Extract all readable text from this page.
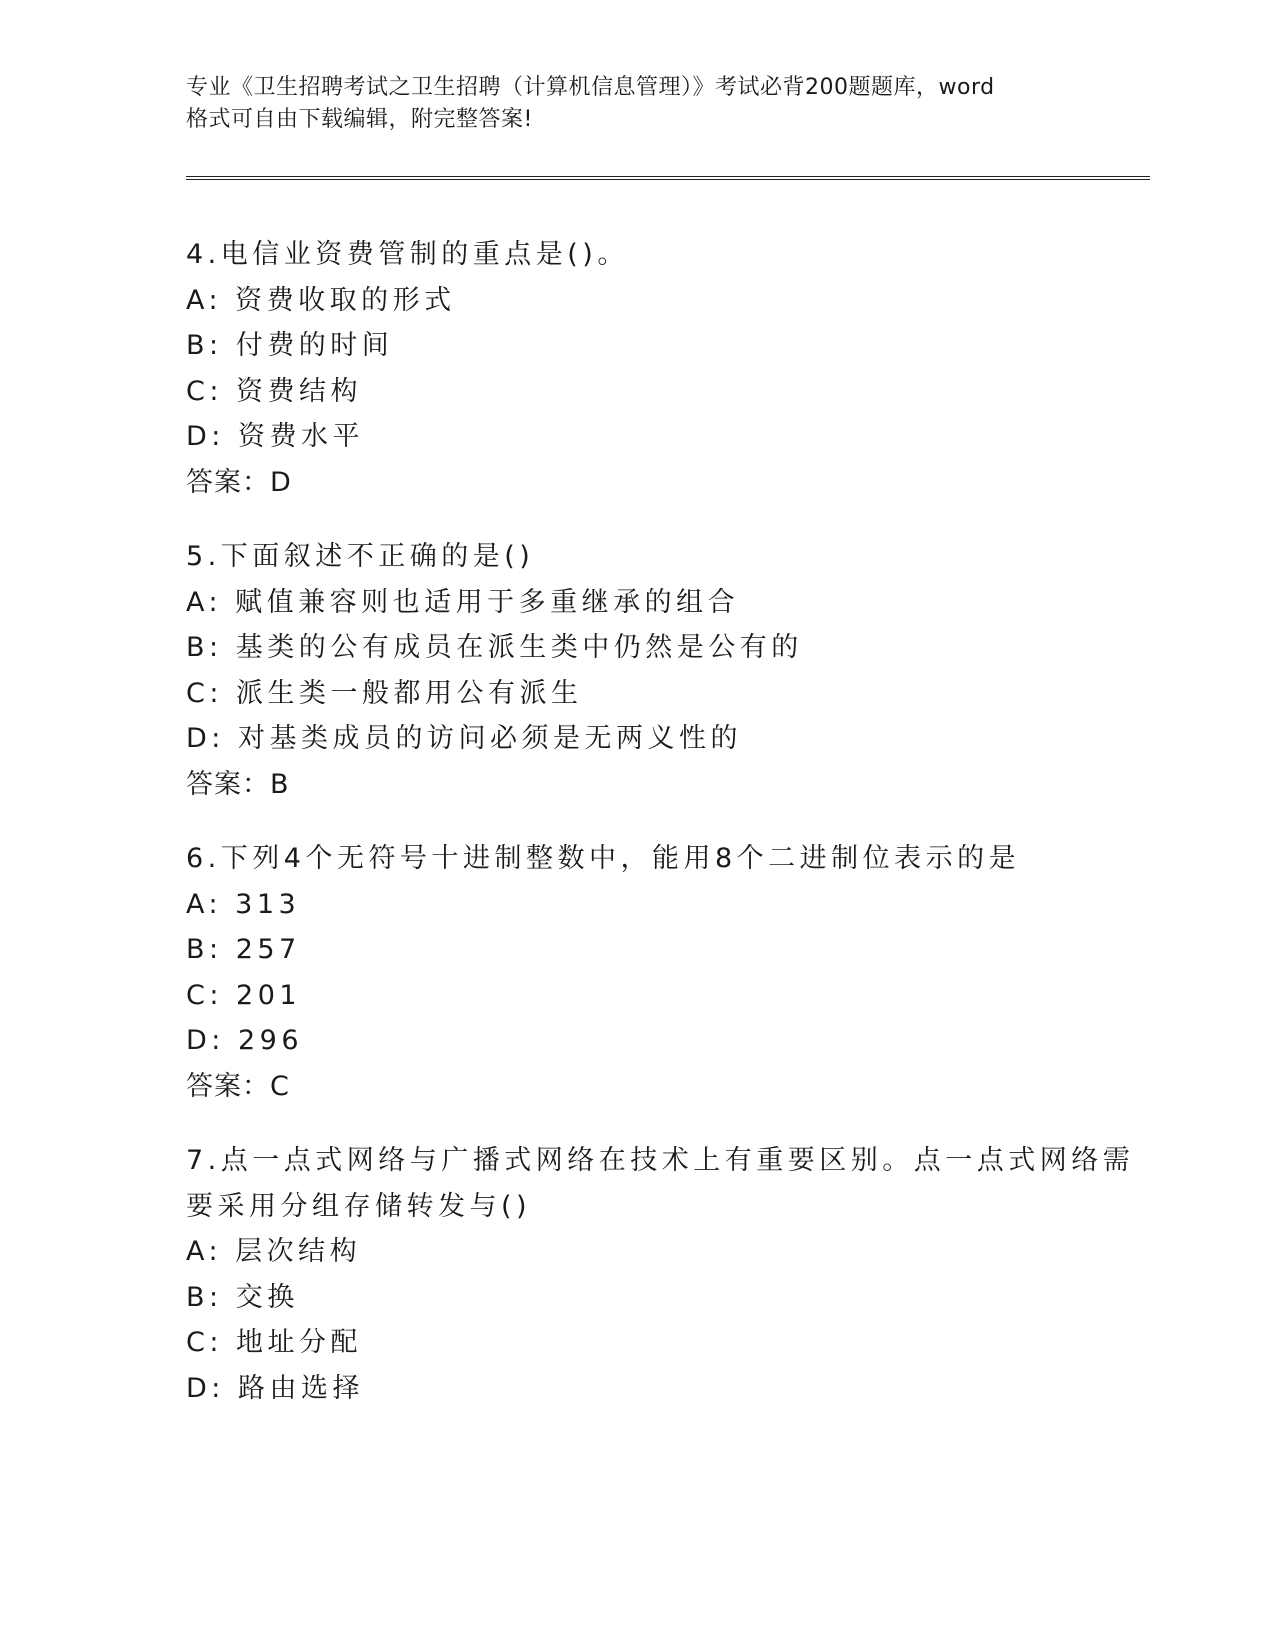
专业《卫生招聘考试之卫生招聘（计算机信息管理）》考试必背200题题库，word
格式可自由下载编辑，附完整答案!
4.电信业资费管制的重点是()。
A: 资费收取的形式
B: 付费的时间
C: 资费结构
D: 资费水平
答案：D
5.下面叙述不正确的是()
A: 赋值兼容则也适用于多重继承的组合
B: 基类的公有成员在派生类中仍然是公有的
C: 派生类一般都用公有派生
D: 对基类成员的访问必须是无两义性的
答案：B
6.下列4个无符号十进制整数中，能用8个二进制位表示的是
A: 313
B: 257
C: 201
D: 296
答案：C
7.点一点式网络与广播式网络在技术上有重要区别。点一点式网络需
要采用分组存储转发与()
A: 层次结构
B: 交换
C: 地址分配
D: 路由选择
